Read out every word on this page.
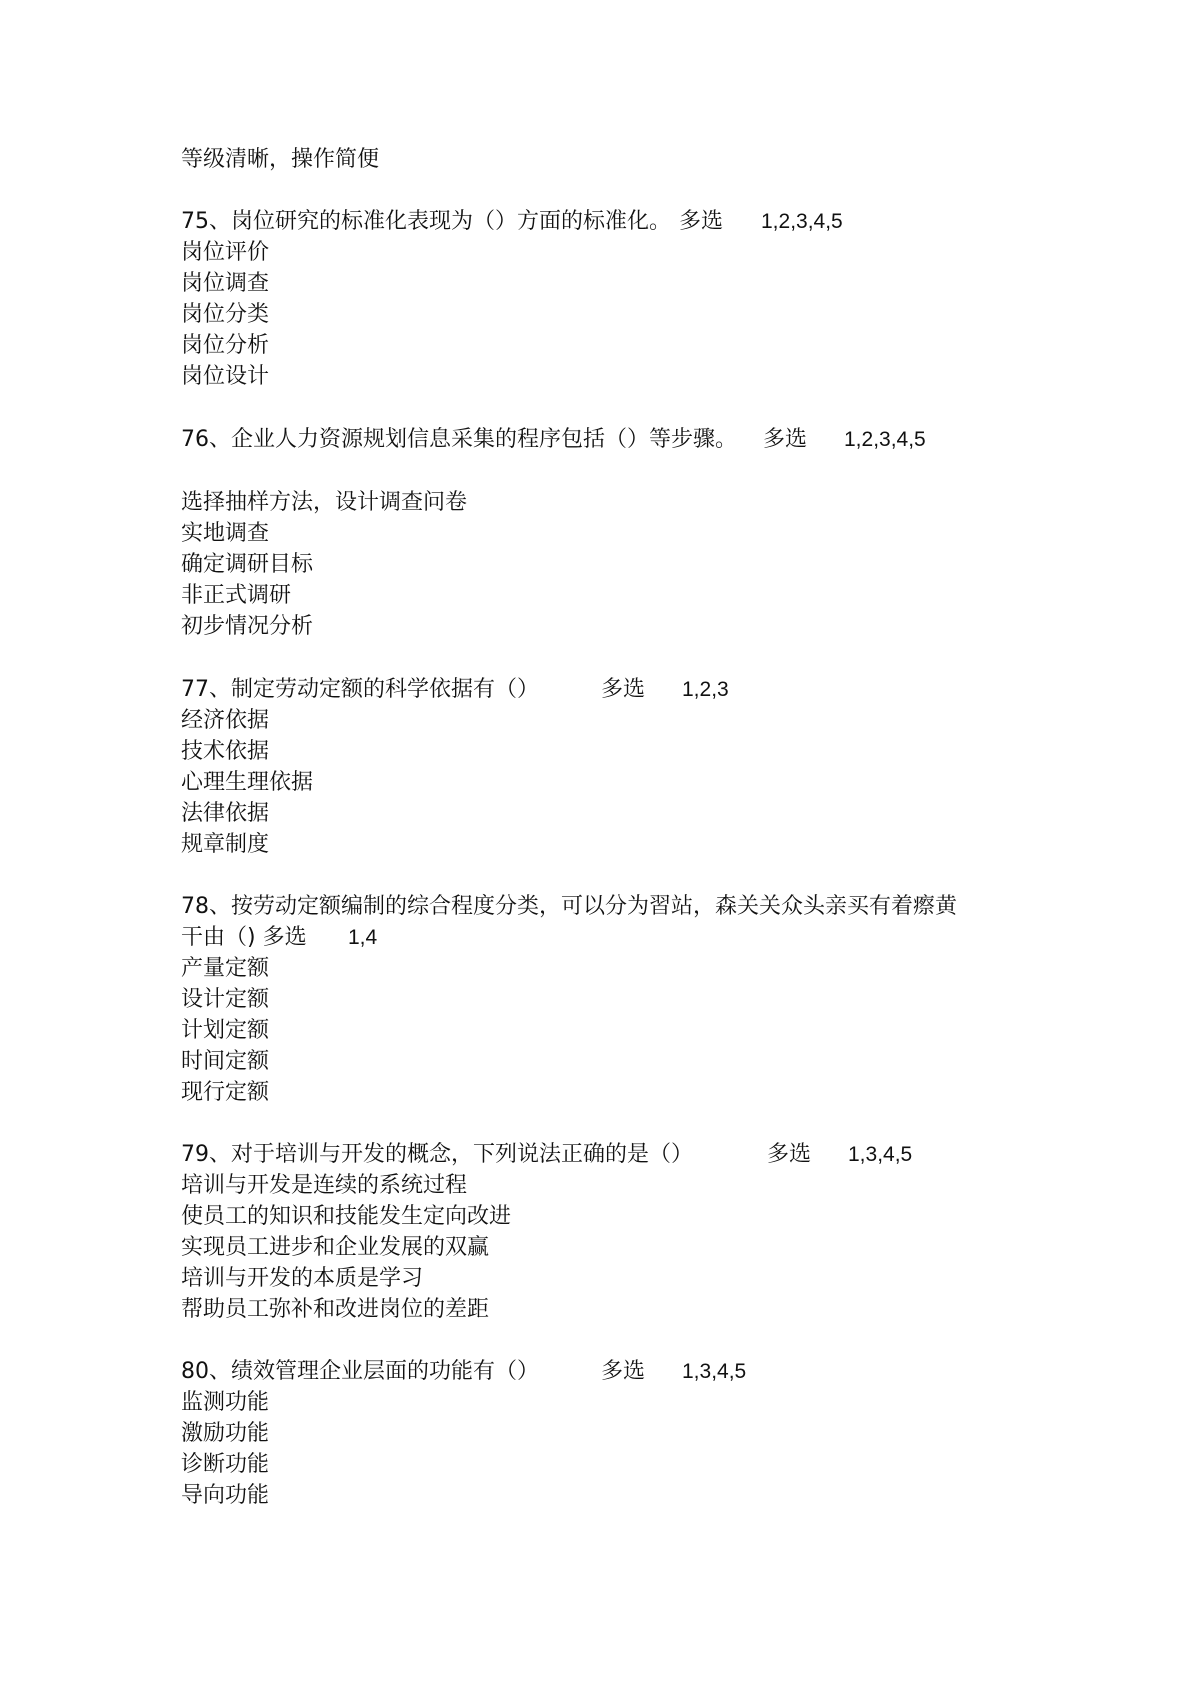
等级清晰，操作简便
75、岗位研究的标准化表现为（）方面的标准化。 多选 1,2,3,4,5
岗位评价
岗位调查
岗位分类
岗位分析
岗位设计
76、企业人力资源规划信息采集的程序包括（）等步骤。 多选 1,2,3,4,5
选择抽样方法，设计调查问卷
实地调查
确定调研目标
非正式调研
初步情况分析
77、制定劳动定额的科学依据有（）	多选 1,2,3
经济依据
技术依据
心理生理依据
法律依据
规章制度
78、按劳动定额编制的综合程度分类，可以分为習站，森关关众头亲买有着瘵黄
干由（) 多选 1,4
产量定额
设计定额
计划定额
时间定额
现行定额
79、对于培训与开发的概念，下列说法正确的是（）	多选 1,3,4,5
培训与开发是连续的系统过程
使员工的知识和技能发生定向改进
实现员工进步和企业发展的双赢
培训与开发的本质是学习
帮助员工弥补和改进岗位的差距
80、绩效管理企业层面的功能有（）	多选 1,3,4,5
监测功能
激励功能
诊断功能
导向功能
